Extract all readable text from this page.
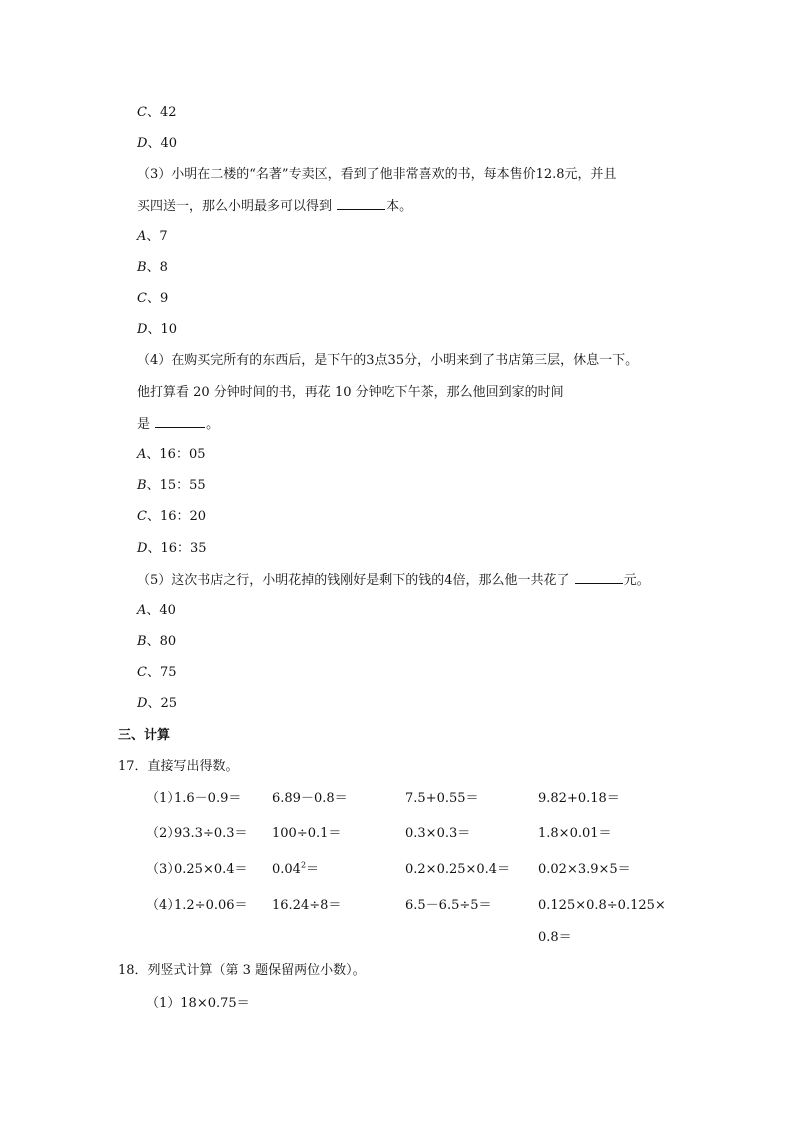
C、42
D、40
（3）小明在二楼的“名著”专卖区，看到了他非常喜欢的书，每本售价12.8元，并且
买四送一，那么小明最多可以得到	本。
A、7
B、8
C、9
D、10
（4）在购买完所有的东西后，是下午的3点35分，小明来到了书店第三层，休息一下。
他打算看 20 分钟时间的书，再花 10 分钟吃下午茶，那么他回到家的时间
是	。
A、16：05
B、15：55
C、16：20
D、16：35
（5）这次书店之行，小明花掉的钱刚好是剩下的钱的4倍，那么他一共花了	元。
A、40
B、80
C、75
D、25
三、计算
17．直接写出得数。
（1）
1.6－0.9＝ 6.89－0.8＝	7.5+0.55＝	9.82+0.18＝
（2）
93.3÷0.3＝ 100÷0.1＝	0.3×0.3＝	1.8×0.01＝
（3）
$0.25\times 0.4= 0.04^2=$	0.2×0.25×0.4＝ 0.02×3.9×5＝
（4）
1.2÷0.06＝ 16.24÷8＝	6.5－6.5÷5＝	0.125×0.8÷0.125×
0.8＝
18．列竖式计算（第 3 题保留两位小数）。
（1）18×0.75＝
